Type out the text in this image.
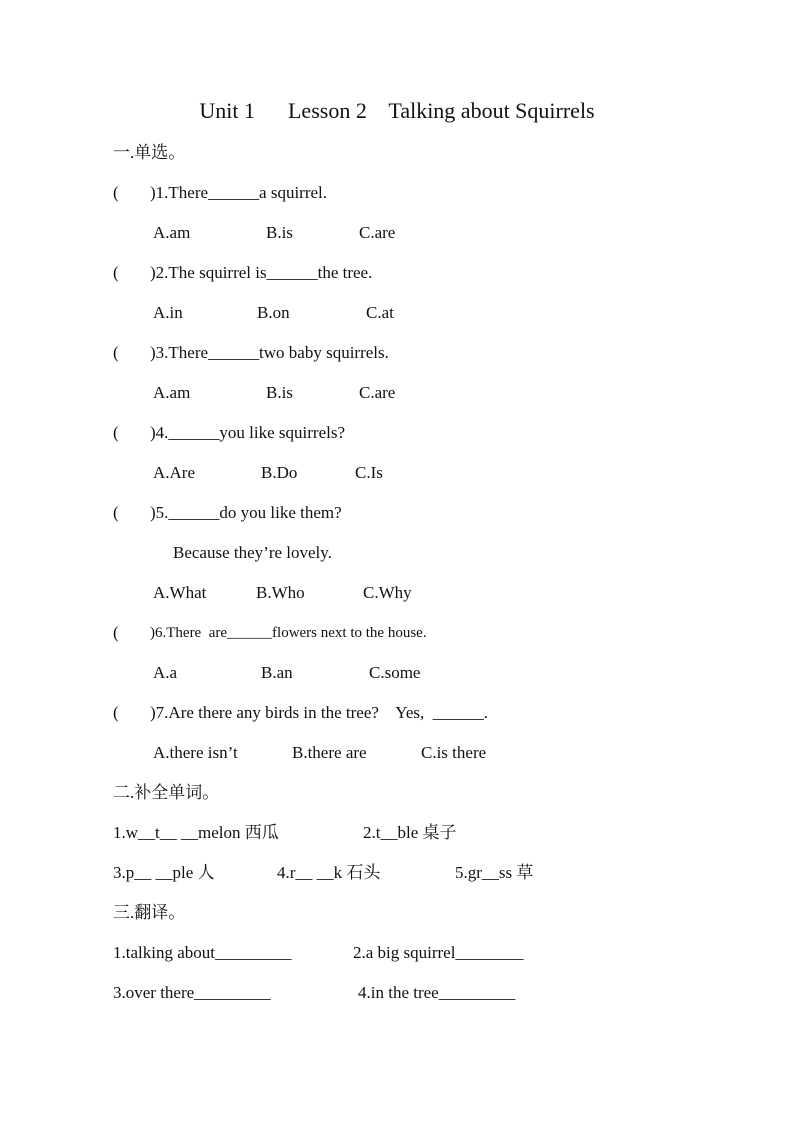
Unit 1      Lesson 2    Talking about Squirrels
一.单选。
( )1.There______a squirrel.
A.am	B.is	C.are
( )2.The squirrel is______the tree.
A.in	B.on	C.at
( )3.There______two baby squirrels.
A.am	B.is	C.are
( )4.______you like squirrels?
A.Are	B.Do	C.Is
( )5.______do you like them?
Because they’re lovely.
A.What	B.Who	C.Why
( )6.There  are______flowers next to the house.
A.a	B.an	C.some
( )7.Are there any birds in the tree?    Yes,  ______.
A.there isn’t	B.there are	C.is there
二.补全单词。
1.w__t__ __melon 西瓜	2.t__ble 桌子
3.p__ __ple 人	4.r__ __k 石头	5.gr__ss 草
三.翻译。
1.talking about_________	2.a big squirrel________
3.over there_________	4.in the tree_________
